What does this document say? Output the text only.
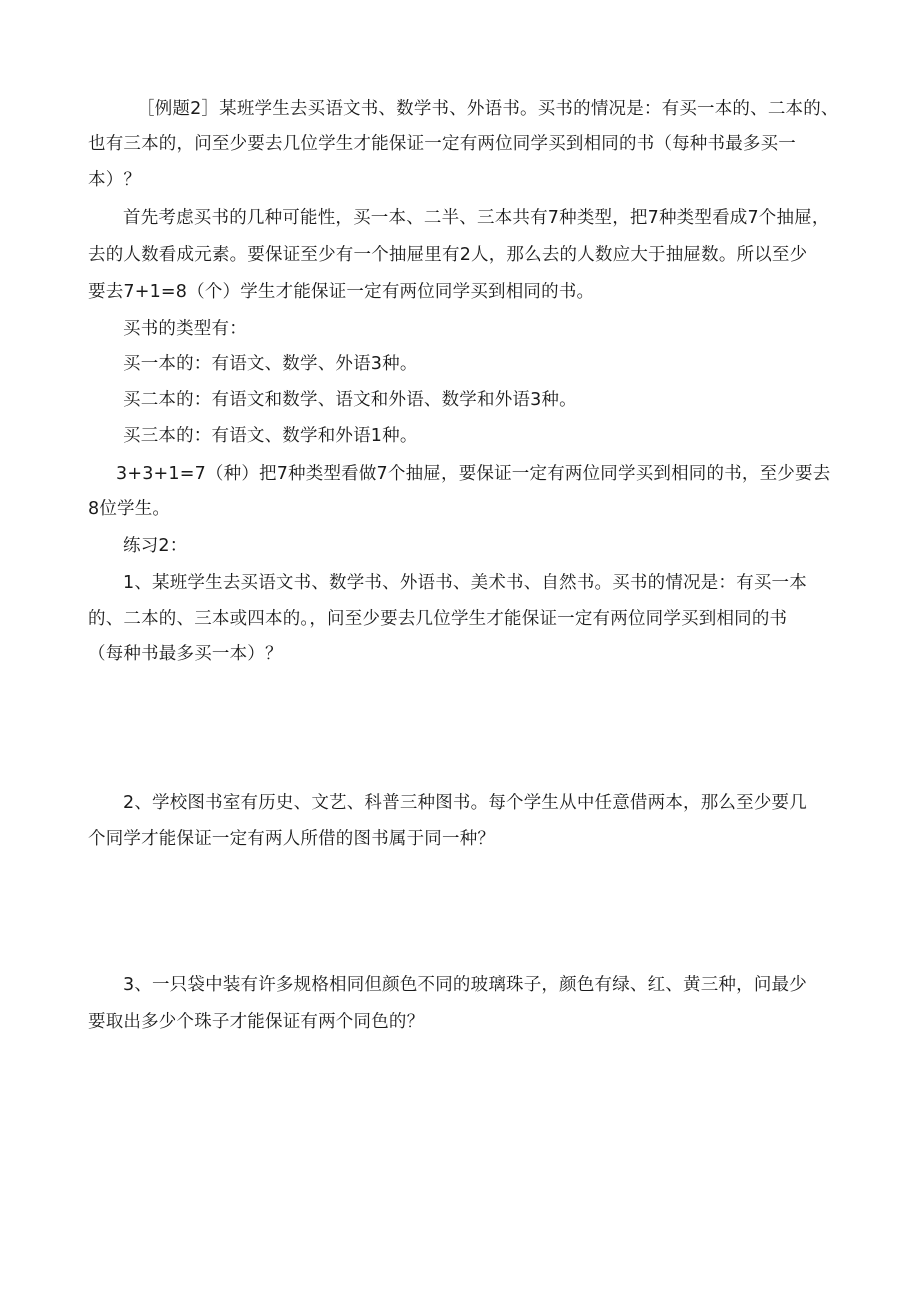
［例题2］某班学生去买语文书、数学书、外语书。买书的情况是：有买一本的、二本的、
也有三本的，问至少要去几位学生才能保证一定有两位同学买到相同的书（每种书最多买一
本）？
首先考虑买书的几种可能性，买一本、二半、三本共有7种类型，把7种类型看成7个抽屉，
去的人数看成元素。要保证至少有一个抽屉里有2人，那么去的人数应大于抽屉数。所以至少
要去7+1=8（个）学生才能保证一定有两位同学买到相同的书。
买书的类型有：
买一本的：有语文、数学、外语3种。
买二本的：有语文和数学、语文和外语、数学和外语3种。
买三本的：有语文、数学和外语1种。
3+3+1=7（种）把7种类型看做7个抽屉，要保证一定有两位同学买到相同的书，至少要去
8位学生。
练习2：
1、某班学生去买语文书、数学书、外语书、美术书、自然书。买书的情况是：有买一本
的、二本的、三本或四本的。，问至少要去几位学生才能保证一定有两位同学买到相同的书
（每种书最多买一本）？
2、学校图书室有历史、文艺、科普三种图书。每个学生从中任意借两本，那么至少要几
个同学才能保证一定有两人所借的图书属于同一种？
3、一只袋中装有许多规格相同但颜色不同的玻璃珠子，颜色有绿、红、黄三种，问最少
要取出多少个珠子才能保证有两个同色的？
